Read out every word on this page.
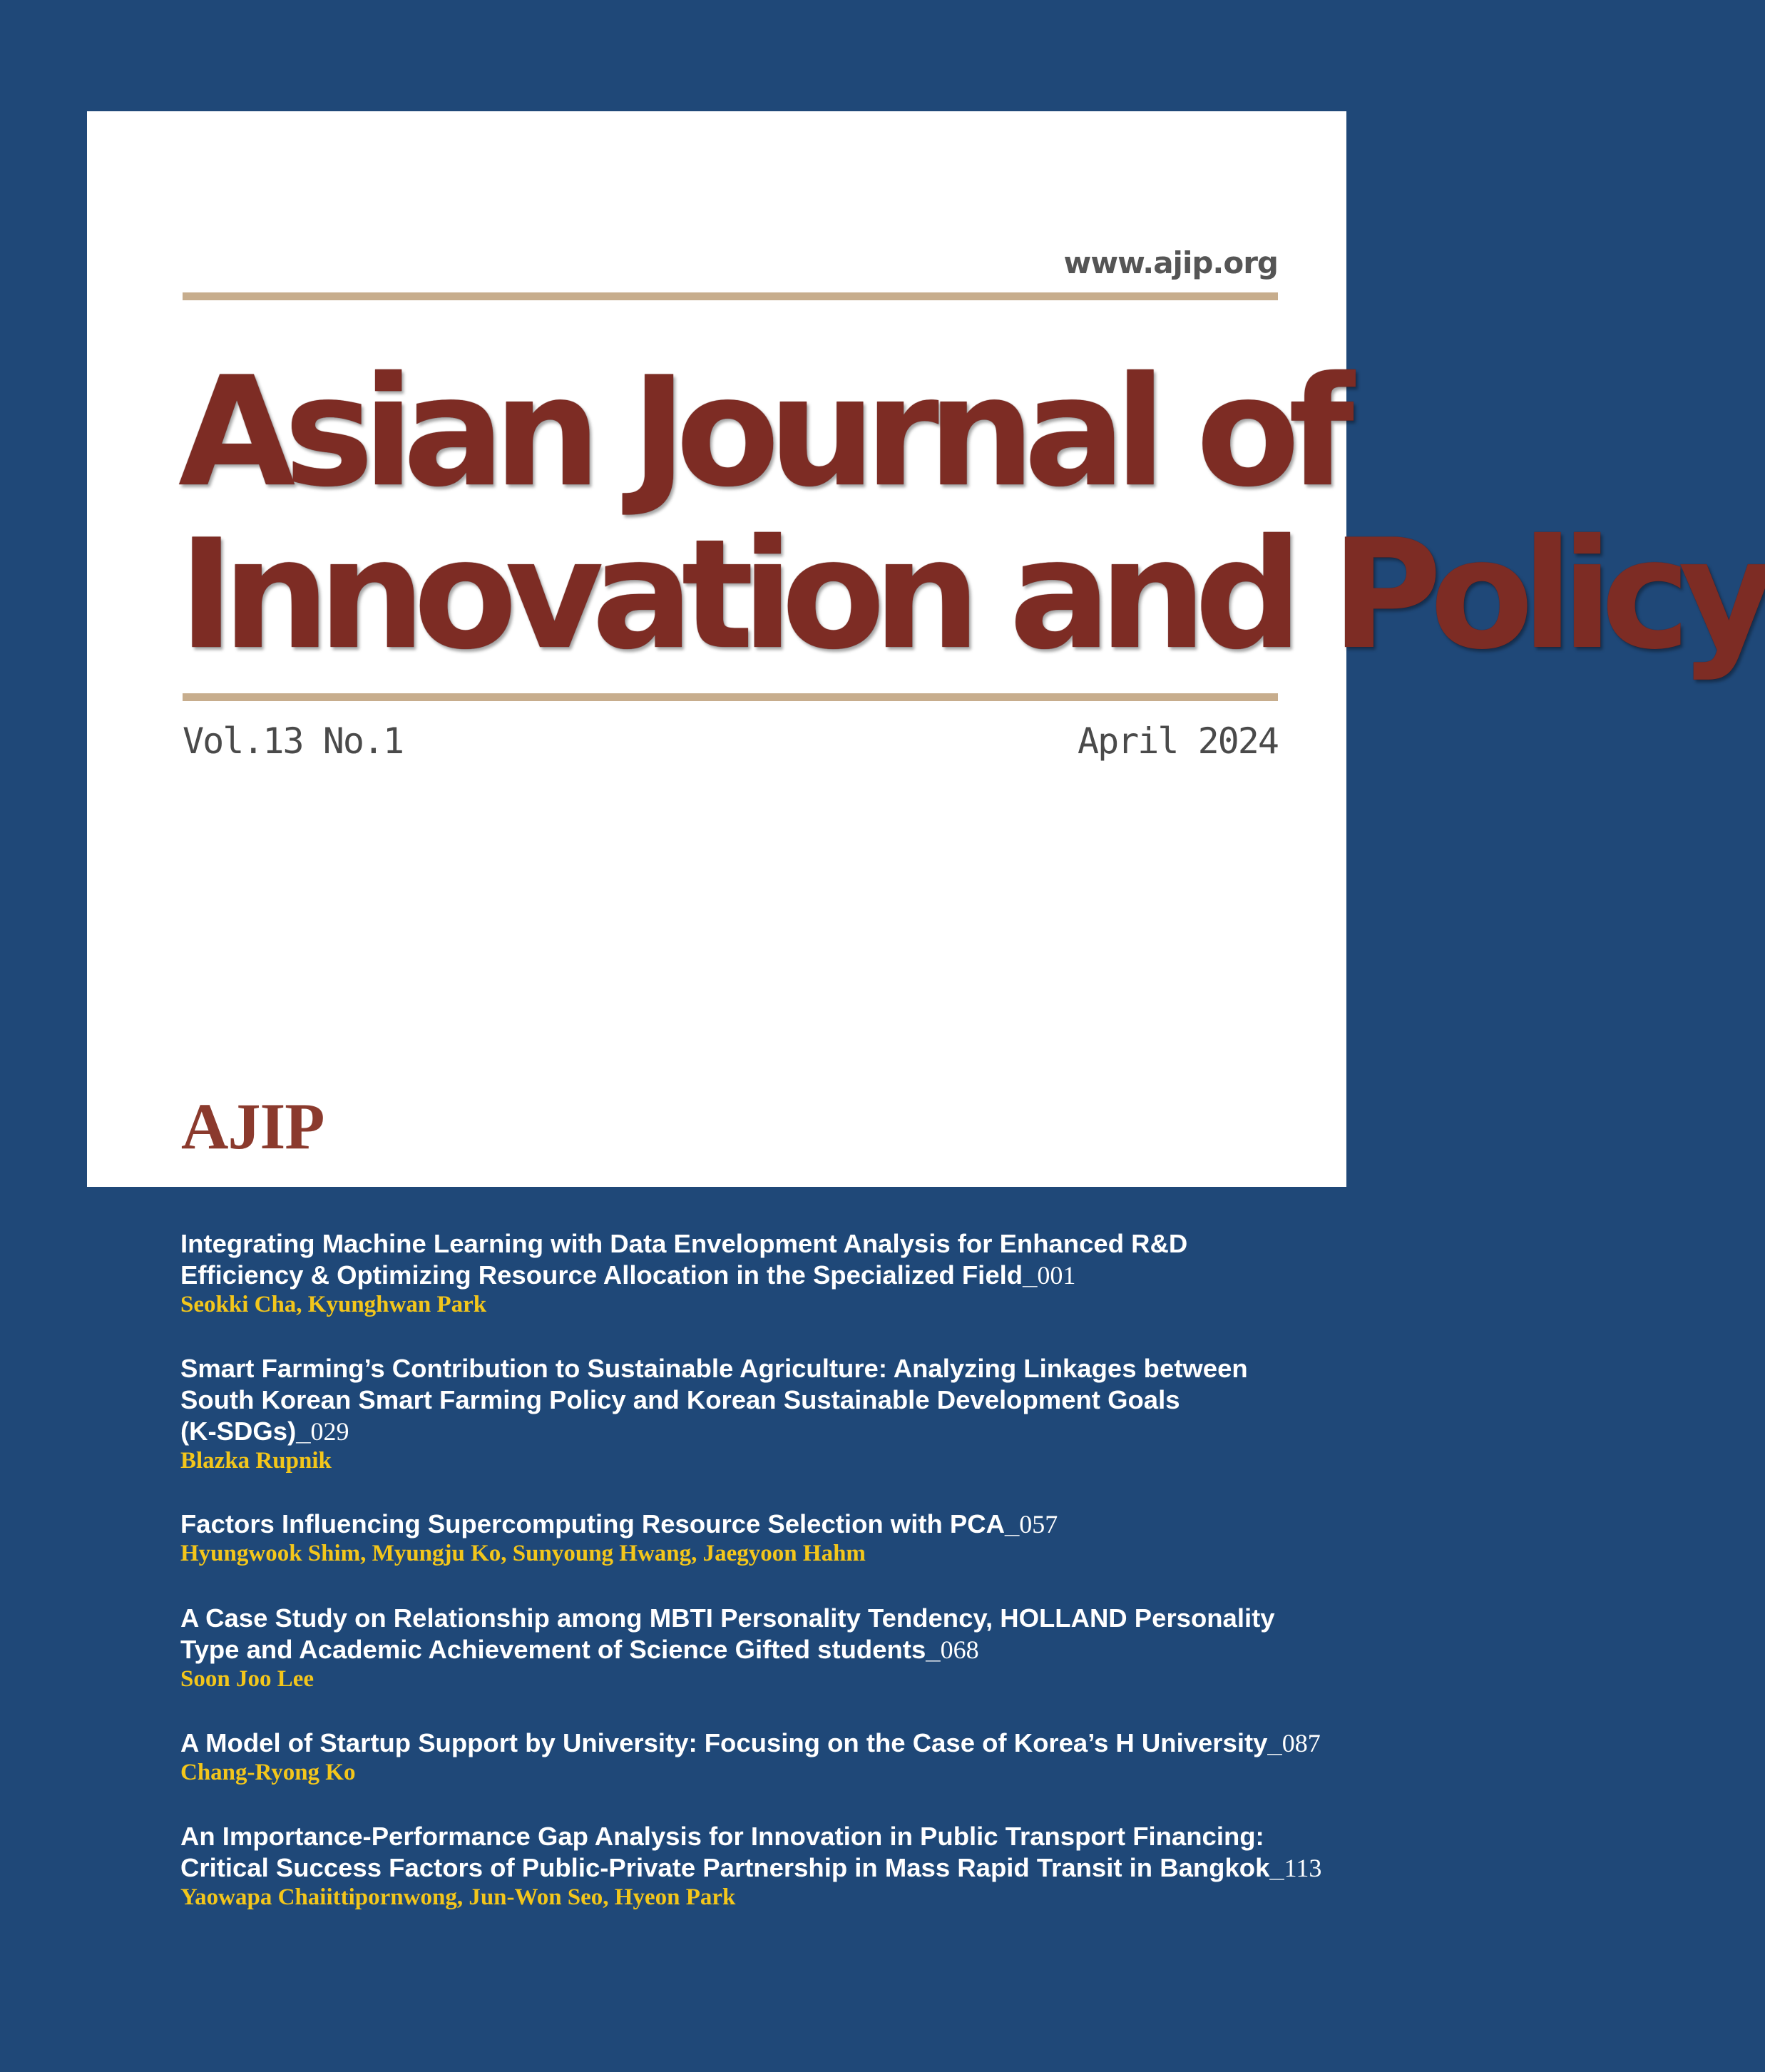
www.ajip.org
Asian Journal of
Innovation and Policy
Vol.13 No.1	April 2024
AJIP
Integrating Machine Learning with Data Envelopment Analysis for Enhanced R&D
Efficiency & Optimizing Resource Allocation in the Specialized Field_001
Seokki Cha, Kyunghwan Park
Smart Farming’s Contribution to Sustainable Agriculture: Analyzing Linkages between
South Korean Smart Farming Policy and Korean Sustainable Development Goals
(K-SDGs)_029
Blazka Rupnik
Factors Influencing Supercomputing Resource Selection with PCA_057
Hyungwook Shim, Myungju Ko, Sunyoung Hwang, Jaegyoon Hahm
A Case Study on Relationship among MBTI Personality Tendency, HOLLAND Personality
Type and Academic Achievement of Science Gifted students_068
Soon Joo Lee
A Model of Startup Support by University: Focusing on the Case of Korea’s H University_087
Chang-Ryong Ko
An Importance-Performance Gap Analysis for Innovation in Public Transport Financing:
Critical Success Factors of Public-Private Partnership in Mass Rapid Transit in Bangkok_113
Yaowapa Chaiittipornwong, Jun-Won Seo, Hyeon Park
